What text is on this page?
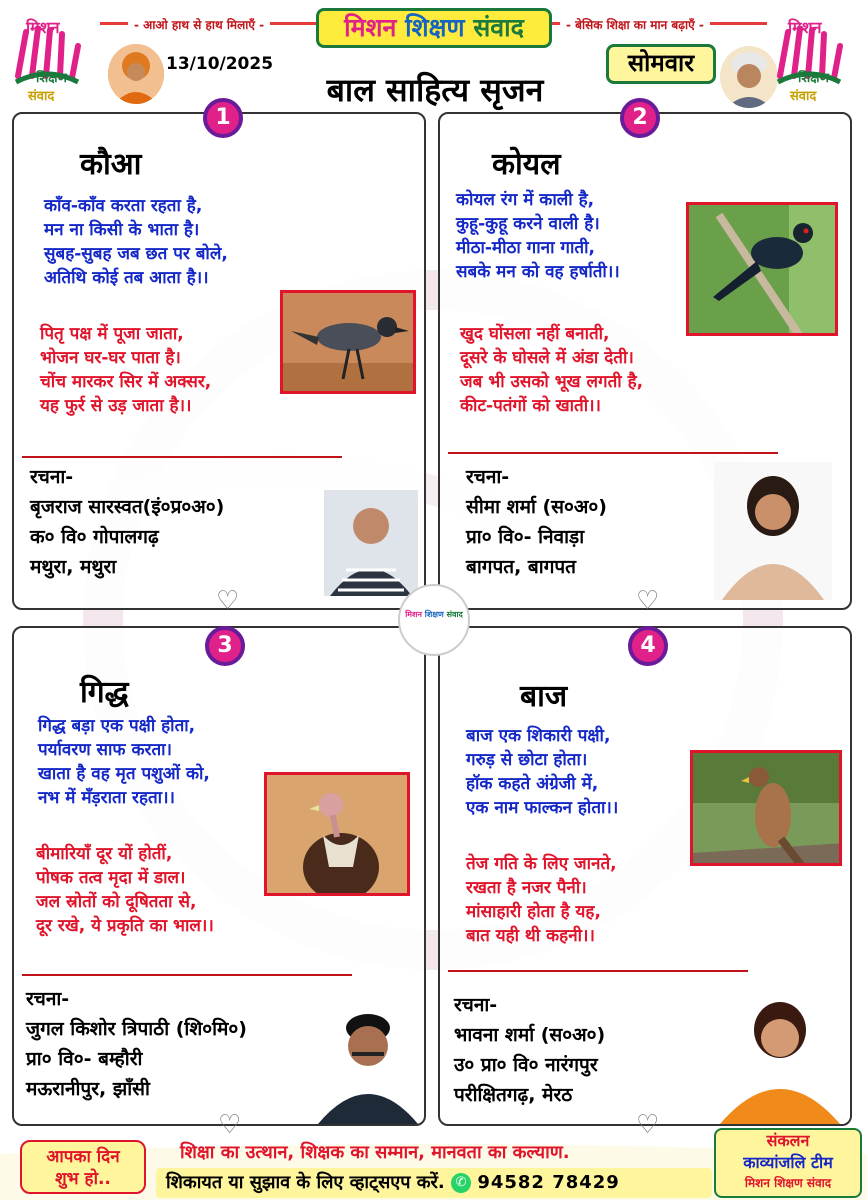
मिशन
शिक्षण
संवाद
- आओ हाथ से हाथ मिलाएँ -	- बेसिक शिक्षा का मान बढ़ाएँ -
मिशन शिक्षण संवाद
13/10/2025
बाल साहित्य सृजन
सोमवार
मिशन
शिक्षण
संवाद
1
कौआ
काँव-काँव करता रहता है,
मन ना किसी के भाता है।
सुबह-सुबह जब छत पर बोले,
अतिथि कोई तब आता है।।
पितृ पक्ष में पूजा जाता,
भोजन घर-घर पाता है।
चोंच मारकर सिर में अक्सर,
यह फुर्र से उड़ जाता है।।
रचना-
बृजराज सारस्वत(इं०प्र०अ०)
क० वि० गोपालगढ़
मथुरा, मथुरा
2
कोयल
कोयल रंग में काली है,
कुहू-कुहू करने वाली है।
मीठा-मीठा गाना गाती,
सबके मन को वह हर्षाती।।
खुद घोंसला नहीं बनाती,
दूसरे के घोसले में अंडा देती।
जब भी उसको भूख लगती है,
कीट-पतंगों को खाती।।
रचना-
सीमा शर्मा (स०अ०)
प्रा० वि०- निवाड़ा
बागपत, बागपत
3
गिद्ध
गिद्ध बड़ा एक पक्षी होता,
पर्यावरण साफ करता।
खाता है वह मृत पशुओं को,
नभ में मँड़राता रहता।।
बीमारियाँ दूर यों होतीं,
पोषक तत्व मृदा में डाल।
जल स्रोतों को दूषितता से,
दूर रखे, ये प्रकृति का भाल।।
रचना-
जुगल किशोर त्रिपाठी (शि०मि०)
प्रा० वि०- बम्हौरी
मऊरानीपुर, झाँसी
4
बाज
बाज एक शिकारी पक्षी,
गरुड़ से छोटा होता।
हॉक कहते अंग्रेजी में,
एक नाम फाल्कन होता।।
तेज गति के लिए जानते,
रखता है नजर पैनी।
मांसाहारी होता है यह,
बात यही थी कहनी।।
रचना-
भावना शर्मा (स०अ०)
उ० प्रा० वि० नारंगपुर
परीक्षितगढ़, मेरठ
♡	♡
♡	♡
मिशन शिक्षण संवाद
आपका दिन
शुभ हो..
शिक्षा का उत्थान, शिक्षक का सम्मान, मानवता का कल्याण.
शिकायत या सुझाव के लिए व्हाट्सएप करें. ✆ 94582 78429
संकलन
काव्यांजलि टीम
मिशन शिक्षण संवाद
